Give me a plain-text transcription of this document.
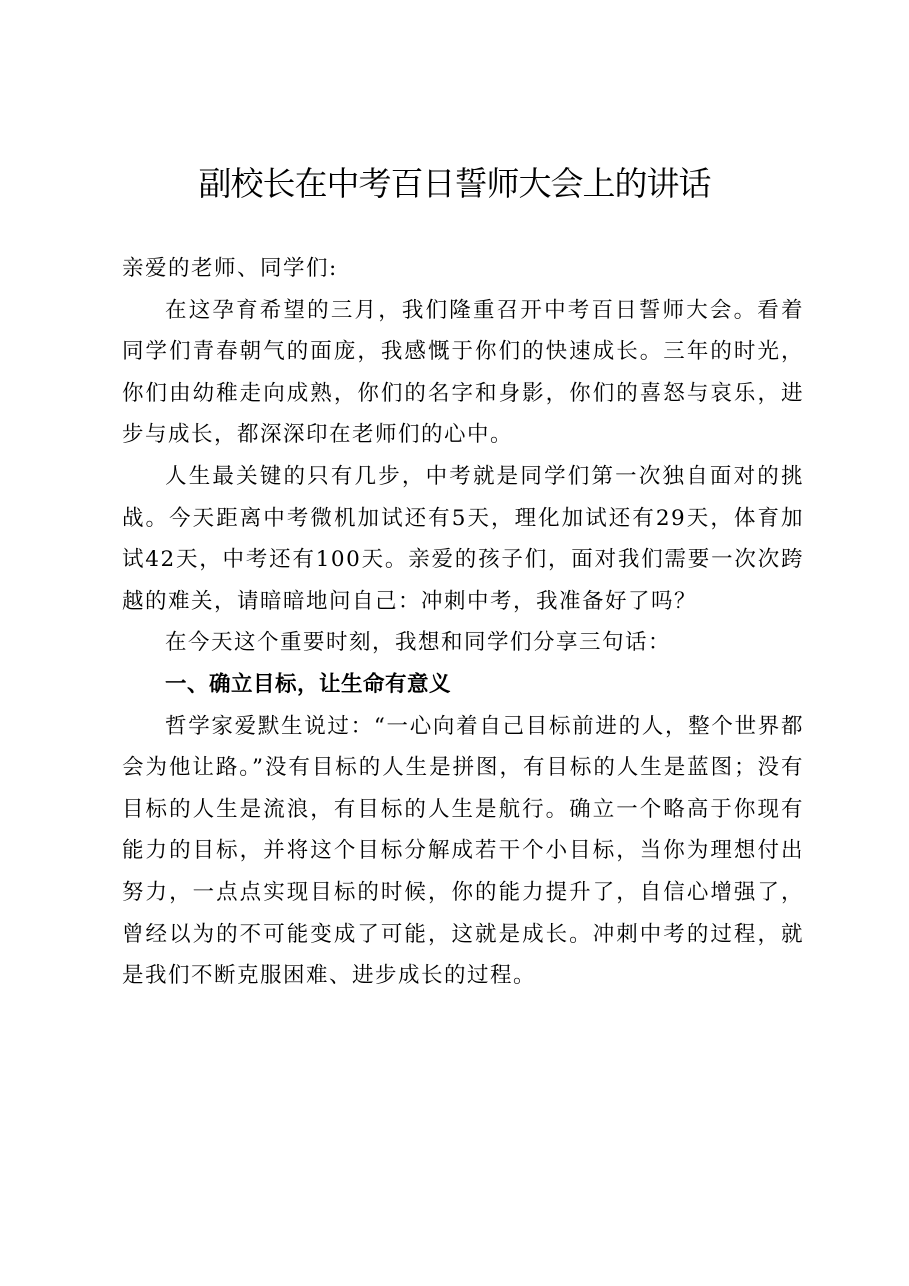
副校长在中考百日誓师大会上的讲话

亲爱的老师、同学们:

在这孕育希望的三月，我们隆重召开中考百日誓师大会。看着同学们青春朝气的面庞，我感慨于你们的快速成长。三年的时光，你们由幼稚走向成熟，你们的名字和身影，你们的喜怒与哀乐，进步与成长，都深深印在老师们的心中。

人生最关键的只有几步，中考就是同学们第一次独自面对的挑战。今天距离中考微机加试还有5天，理化加试还有29天，体育加试42天，中考还有100天。亲爱的孩子们，面对我们需要一次次跨越的难关，请暗暗地问自己：冲刺中考，我准备好了吗？

在今天这个重要时刻，我想和同学们分享三句话：

一、确立目标，让生命有意义

哲学家爱默生说过：“一心向着自己目标前进的人，整个世界都会为他让路。”没有目标的人生是拼图，有目标的人生是蓝图；没有目标的人生是流浪，有目标的人生是航行。确立一个略高于你现有能力的目标，并将这个目标分解成若干个小目标，当你为理想付出努力，一点点实现目标的时候，你的能力提升了，自信心增强了，曾经以为的不可能变成了可能，这就是成长。冲刺中考的过程，就是我们不断克服困难、进步成长的过程。
